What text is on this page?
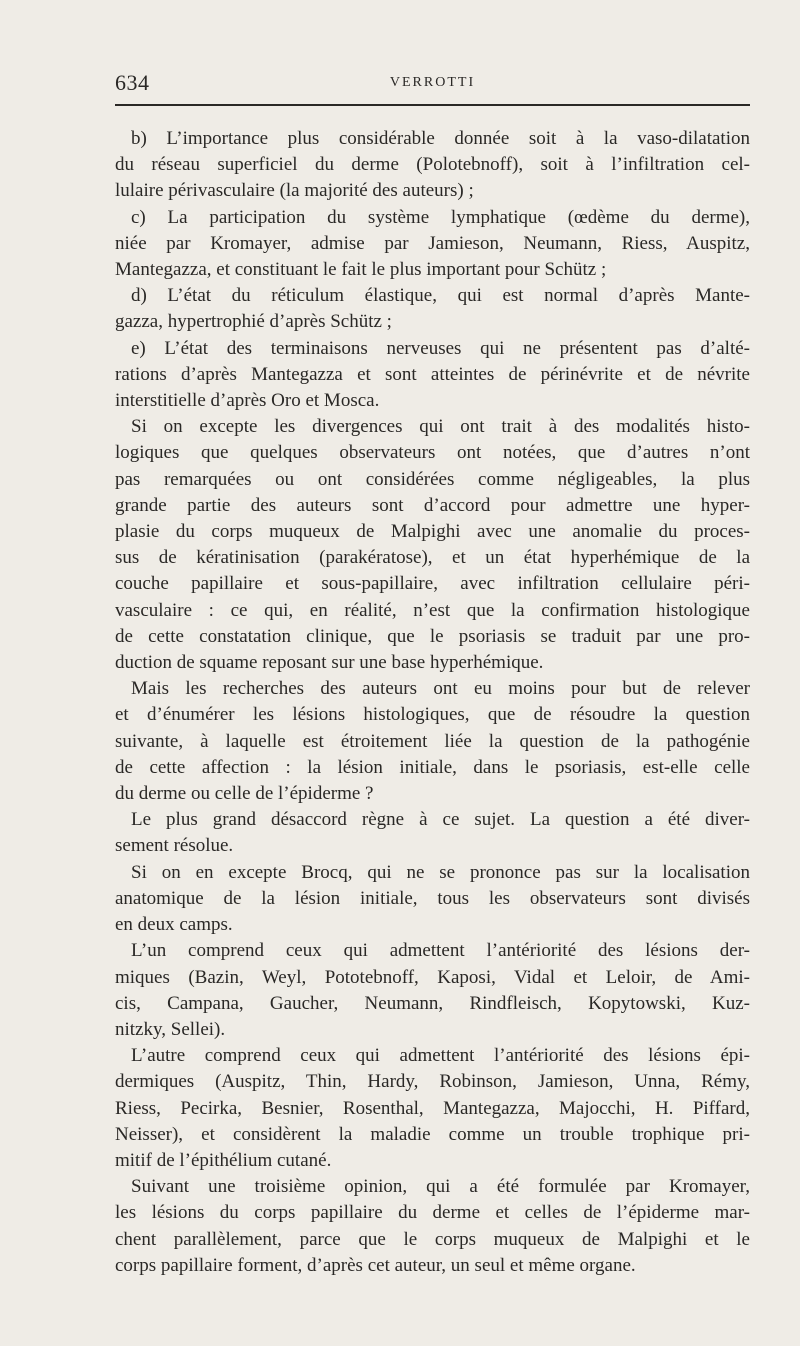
634	VERROTTI
b) L’importance plus considérable donnée soit à la vaso-dilatation
du réseau superficiel du derme (Polotebnoff), soit à l’infiltration cel-
lulaire périvasculaire (la majorité des auteurs) ;
c) La participation du système lymphatique (œdème du derme),
niée par Kromayer, admise par Jamieson, Neumann, Riess, Auspitz,
Mantegazza, et constituant le fait le plus important pour Schütz ;
d) L’état du réticulum élastique, qui est normal d’après Mante-
gazza, hypertrophié d’après Schütz ;
e) L’état des terminaisons nerveuses qui ne présentent pas d’alté-
rations d’après Mantegazza et sont atteintes de périnévrite et de névrite
interstitielle d’après Oro et Mosca.
Si on excepte les divergences qui ont trait à des modalités histo-
logiques que quelques observateurs ont notées, que d’autres n’ont
pas remarquées ou ont considérées comme négligeables, la plus
grande partie des auteurs sont d’accord pour admettre une hyper-
plasie du corps muqueux de Malpighi avec une anomalie du proces-
sus de kératinisation (parakératose), et un état hyperhémique de la
couche papillaire et sous-papillaire, avec infiltration cellulaire péri-
vasculaire : ce qui, en réalité, n’est que la confirmation histologique
de cette constatation clinique, que le psoriasis se traduit par une pro-
duction de squame reposant sur une base hyperhémique.
Mais les recherches des auteurs ont eu moins pour but de relever
et d’énumérer les lésions histologiques, que de résoudre la question
suivante, à laquelle est étroitement liée la question de la pathogénie
de cette affection : la lésion initiale, dans le psoriasis, est-elle celle
du derme ou celle de l’épiderme ?
Le plus grand désaccord règne à ce sujet. La question a été diver-
sement résolue.
Si on en excepte Brocq, qui ne se prononce pas sur la localisation
anatomique de la lésion initiale, tous les observateurs sont divisés
en deux camps.
L’un comprend ceux qui admettent l’antériorité des lésions der-
miques (Bazin, Weyl, Pototebnoff, Kaposi, Vidal et Leloir, de Ami-
cis, Campana, Gaucher, Neumann, Rindfleisch, Kopytowski, Kuz-
nitzky, Sellei).
L’autre comprend ceux qui admettent l’antériorité des lésions épi-
dermiques (Auspitz, Thin, Hardy, Robinson, Jamieson, Unna, Rémy,
Riess, Pecirka, Besnier, Rosenthal, Mantegazza, Majocchi, H. Piffard,
Neisser), et considèrent la maladie comme un trouble trophique pri-
mitif de l’épithélium cutané.
Suivant une troisième opinion, qui a été formulée par Kromayer,
les lésions du corps papillaire du derme et celles de l’épiderme mar-
chent parallèlement, parce que le corps muqueux de Malpighi et le
corps papillaire forment, d’après cet auteur, un seul et même organe.
